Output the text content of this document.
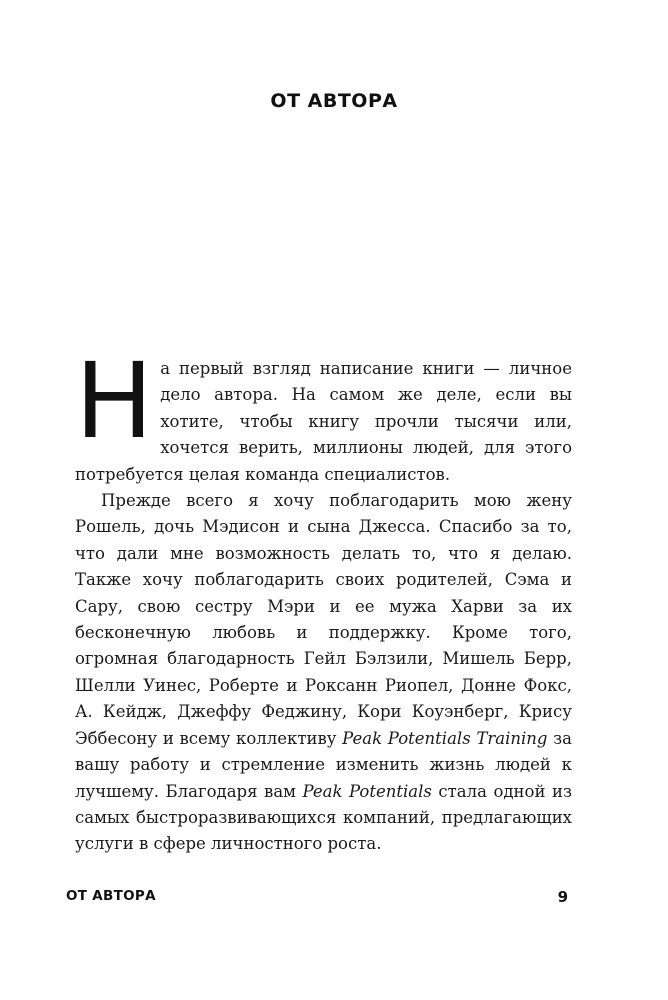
ОТ АВТОРА

На первый взгляд написание книги — личное дело автора. На самом же деле, если вы хотите, чтобы книгу прочли тысячи или, хочется верить, миллионы людей, для этого потребуется целая команда специалистов.

Прежде всего я хочу поблагодарить мою жену Рошель, дочь Мэдисон и сына Джесса. Спасибо за то, что дали мне возможность делать то, что я делаю. Также хочу поблагодарить своих родителей, Сэма и Сару, свою сестру Мэри и ее мужа Харви за их бесконечную любовь и поддержку. Кроме того, огромная благодарность Гейл Бэлзили, Мишель Берр, Шелли Уинес, Роберте и Роксанн Риопел, Донне Фокс, А. Кейдж, Джеффу Феджину, Кори Коуэнберг, Крису Эббесону и всему коллективу Peak Potentials Training за вашу работу и стремление изменить жизнь людей к лучшему. Благодаря вам Peak Potentials стала одной из самых быстроразвивающихся компаний, предлагающих услуги в сфере личностного роста.

ОТ АВТОРА	9
